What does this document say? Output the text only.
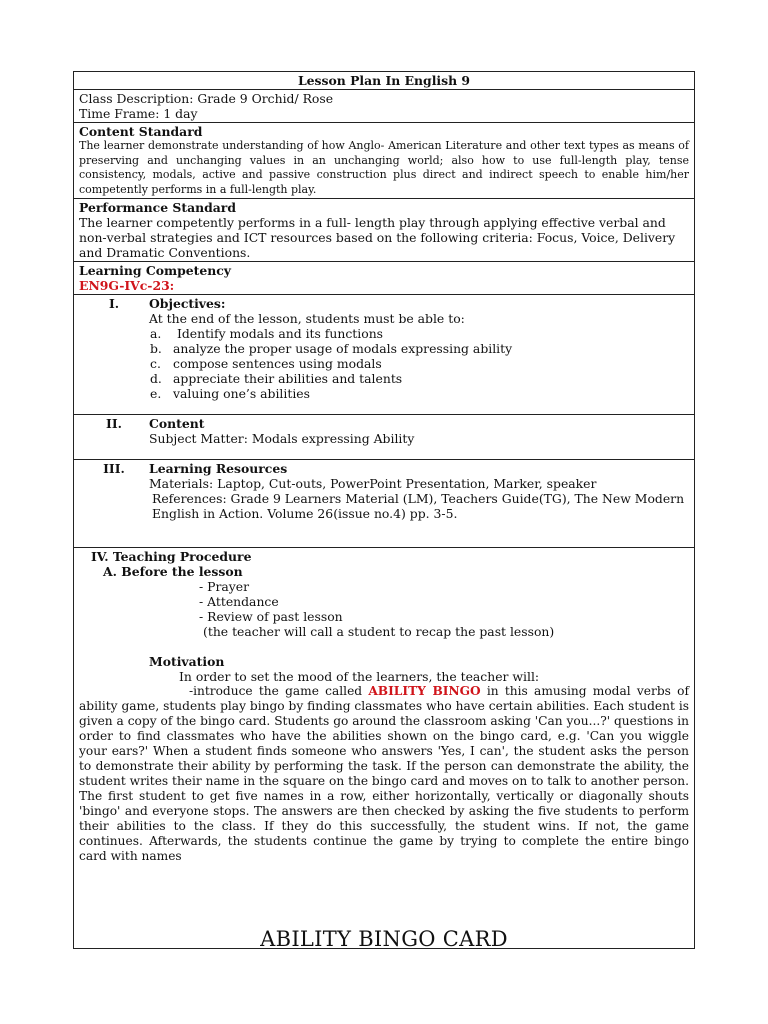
Lesson Plan In English 9

Class Description: Grade 9 Orchid/ Rose
Time Frame: 1 day

Content Standard
The learner demonstrate understanding of how Anglo- American Literature and other text types as means of preserving and unchanging values in an unchanging world; also how to use full-length play, tense consistency, modals, active and passive construction plus direct and indirect speech to enable him/her competently performs in a full-length play.

Performance Standard
The learner competently performs in a full- length play through applying effective verbal and non-verbal strategies and ICT resources based on the following criteria: Focus, Voice, Delivery and Dramatic Conventions.

Learning Competency
EN9G-IVc-23:

I.	Objectives:
At the end of the lesson, students must be able to:
a. Identify modals and its functions
b. analyze the proper usage of modals expressing ability
c. compose sentences using modals
d. appreciate their abilities and talents
e. valuing one’s abilities

II.	Content
Subject Matter: Modals expressing Ability

III.	Learning Resources
Materials: Laptop, Cut-outs, PowerPoint Presentation, Marker, speaker
References: Grade 9 Learners Material (LM), Teachers Guide(TG), The New Modern English in Action. Volume 26(issue no.4) pp. 3-5.

IV. Teaching Procedure
A. Before the lesson
- Prayer
- Attendance
- Review of past lesson
(the teacher will call a student to recap the past lesson)
Motivation
In order to set the mood of the learners, the teacher will:
-introduce the game called ABILITY BINGO in this amusing modal verbs of ability game, students play bingo by finding classmates who have certain abilities. Each student is given a copy of the bingo card. Students go around the classroom asking 'Can you...?' questions in order to find classmates who have the abilities shown on the bingo card, e.g. 'Can you wiggle your ears?' When a student finds someone who answers 'Yes, I can', the student asks the person to demonstrate their ability by performing the task. If the person can demonstrate the ability, the student writes their name in the square on the bingo card and moves on to talk to another person. The first student to get five names in a row, either horizontally, vertically or diagonally shouts 'bingo' and everyone stops. The answers are then checked by asking the five students to perform their abilities to the class. If they do this successfully, the student wins. If not, the game continues. Afterwards, the students continue the game by trying to complete the entire bingo card with names
ABILITY BINGO CARD
